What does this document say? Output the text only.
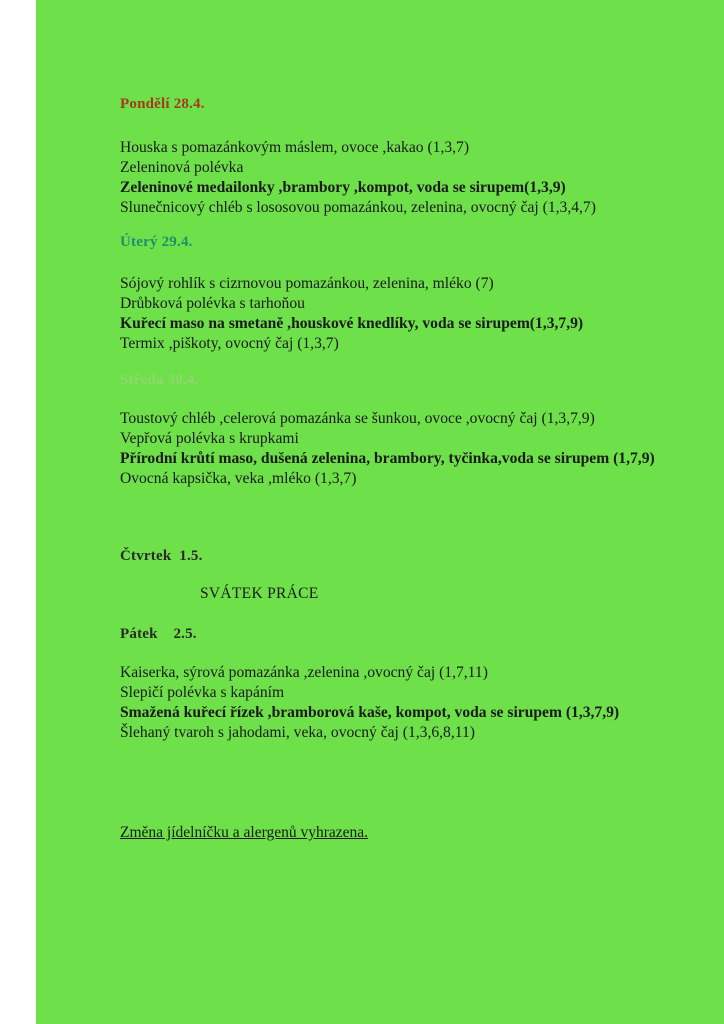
Pondělí 28.4.
Houska s pomazánkovým máslem, ovoce ,kakao (1,3,7)
Zeleninová polévka
Zeleninové medailonky ,brambory ,kompot, voda se sirupem(1,3,9)
Slunečnicový chléb s lososovou pomazánkou, zelenina, ovocný čaj (1,3,4,7)
Úterý 29.4.
Sójový rohlík s cizrnovou pomazánkou, zelenina, mléko (7)
Drůbková polévka s tarhoňou
Kuřecí maso na smetaně ,houskové knedlíky, voda se sirupem(1,3,7,9)
Termix ,piškoty, ovocný čaj (1,3,7)
Středa 30.4.
Toustový chléb ,celerová pomazánka se šunkou, ovoce ,ovocný čaj (1,3,7,9)
Vepřová polévka s krupkami
Přírodní krůtí maso, dušená zelenina, brambory, tyčinka,voda se sirupem (1,7,9)
Ovocná kapsička, veka ,mléko (1,3,7)
Čtvrtek  1.5.
SVÁTEK PRÁCE
Pátek    2.5.
Kaiserka, sýrová pomazánka ,zelenina ,ovocný čaj (1,7,11)
Slepičí polévka s kapáním
Smažená kuřecí řízek ,bramborová kaše, kompot, voda se sirupem (1,3,7,9)
Šlehaný tvaroh s jahodami, veka, ovocný čaj (1,3,6,8,11)
Změna jídelníčku a alergenů vyhrazena.
